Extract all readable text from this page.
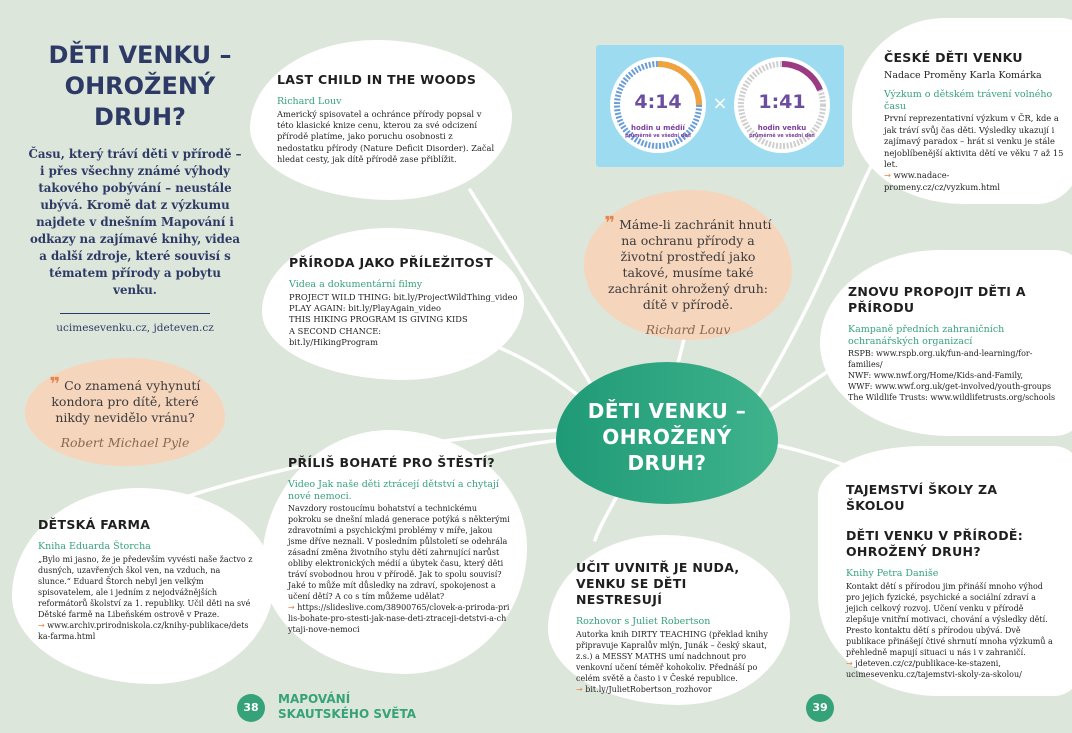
DĚTI VENKU – OHROŽENÝ DRUH?
Času, který tráví děti v přírodě – i přes všechny známé výhody takového pobývání – neustále ubývá. Kromě dat z výzkumu najdete v dnešním Mapování i odkazy na zajímavé knihy, videa a další zdroje, které souvisí s tématem přírody a pobytu venku.
ucimesevenku.cz, jdeteven.cz
❞ Co znamená vyhynutí kondora pro dítě, které nikdy nevidělo vránu?
Robert Michael Pyle
LAST CHILD IN THE WOODS
Richard Louv

Americký spisovatel a ochránce přírody popsal v této klasické knize cenu, kterou za své odcizení přírodě platíme, jako poruchu osobnosti z nedostatku přírody (Nature Deficit Disorder). Začal hledat cesty, jak dítě přírodě zase přiblížit.

PŘÍRODA JAKO PŘÍLEŽITOST
Videa a dokumentární filmy
PROJECT WILD THING: bit.ly/ProjectWildThing_video
PLAY AGAIN: bit.ly/PlayAgain_video
THIS HIKING PROGRAM IS GIVING KIDS
A SECOND CHANCE:
bit.ly/HikingProgram
PŘÍLIŠ BOHATÉ PRO ŠTĚSTÍ?
Video Jak naše děti ztrácejí dětství a chytají nové nemoci.

Navzdory rostoucímu bohatství a technickému pokroku se dnešní mladá generace potýká s některými zdravotními a psychickými problémy v míře, jakou jsme dříve neznali. V posledním půlstoletí se odehrála zásadní změna životního stylu dětí zahrnující narůst obliby elektronických médií a úbytek času, který děti tráví svobodnou hrou v přírodě. Jak to spolu souvisí? Jaké to může mít důsledky na zdraví, spokojenost a učení dětí? A co s tím můžeme udělat?

→ https://slideslive.com/38900765/clovek-a-priroda-prilis-bohate-pro-stesti-jak-nase-deti-ztraceji-detstvi-a-chytaji-nove-nemoci

DĚTSKÁ FARMA
Kniha Eduarda Štorcha

„Bylo mi jasno, že je především vyvésti naše žactvo z dusných, uzavřených škol ven, na vzduch, na slunce.“ Eduard Štorch nebyl jen velkým spisovatelem, ale i jedním z nejodvážnějších reformátorů školství za 1. republiky. Učil děti na své Dětské farmě na Libeňském ostrově v Praze.

→ www.archiv.prirodniskola.cz/knihy-publikace/detska-farma.html

4:14
hodin u médií
průměrně ve všední den
×	1:41
hodin venku
průměrně ve všední den
❞ Máme-li zachránit hnutí na ochranu přírody a životní prostředí jako takové, musíme také zachránit ohrožený druh: dítě v přírodě.
Richard Louv
DĚTI VENKU – OHROŽENÝ DRUH?
ČESKÉ DĚTI VENKU
Nadace Proměny Karla Komárka
Výzkum o dětském trávení volného času

První reprezentativní výzkum v ČR, kde a jak tráví svůj čas děti. Výsledky ukazují i zajímavý paradox – hrát si venku je stále nejoblíbenější aktivita dětí ve věku 7 až 15 let.

→ www.nadace-promeny.cz/cz/vyzkum.html

ZNOVU PROPOJIT DĚTI A PŘÍRODU
Kampaně předních zahraničních ochranářských organizací
RSPB: www.rspb.org.uk/fun-and-learning/for-families/
NWF: www.nwf.org/Home/Kids-and-Family,
WWF: www.wwf.org.uk/get-involved/youth-groups
The Wildlife Trusts: www.wildlifetrusts.org/schools
TAJEMSTVÍ ŠKOLY ZA ŠKOLOU
DĚTI VENKU V PŘÍRODĚ: OHROŽENÝ DRUH?
Knihy Petra Daniše

Kontakt dětí s přírodou jim přináší mnoho výhod pro jejich fyzické, psychické a sociální zdraví a jejich celkový rozvoj. Učení venku v přírodě zlepšuje vnitřní motivaci, chování a výsledky dětí. Presto kontaktu dětí s přírodou ubývá. Dvě publikace přinášejí čtivé shrnutí mnoha výzkumů a přehledně mapují situaci u nás i v zahraničí.

→ jdeteven.cz/cz/publikace-ke-stazeni, ucimesevenku.cz/tajemstvi-skoly-za-skolou/

UČIT UVNITŘ JE NUDA, VENKU SE DĚTI NESTRESUJÍ
Rozhovor s Juliet Robertson

Autorka knih DIRTY TEACHING (překlad knihy připravuje Kapralův mlýn, Junák – český skaut, z.s.) a MESSY MATHS umí nadchnout pro venkovní učení téměř kohokoliv. Přednáší po celém světě a často i v České republice.

→ bit.ly/JulietRobertson_rozhovor

38
MAPOVÁNÍ
SKAUTSKÉHO SVĚTA	39
